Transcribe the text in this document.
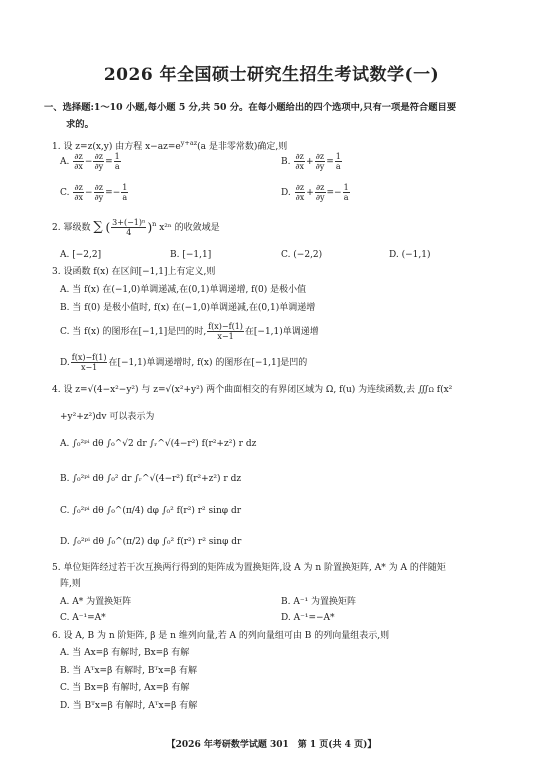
2026 年全国硕士研究生招生考试数学(一)
一、选择题:1～10 小题,每小题 5 分,共 50 分。在每小题给出的四个选项中,只有一项是符合题目要
求的。
1. 设 z=z(x,y) 由方程 $x-az=e^{y+az}(a$ 是非零常数)确定,则
A. $\frac{\partial z}{\partial x} - \frac{\partial z}{\partial y} = \frac{1}{a}$	B. $\frac{\partial z}{\partial x} + \frac{\partial z}{\partial y} = \frac{1}{a}$
C. $\frac{\partial z}{\partial x} - \frac{\partial z}{\partial y} =- \frac{1}{a}$	D. $\frac{\partial z}{\partial x} + \frac{\partial z}{\partial y} =- \frac{1}{a}$
2. 幂级数 ∑ ( $\frac{\text{3+(−1)ⁿ}}{4} )^n$ x²ⁿ 的收敛域是
A. [−2,2]	B. [−1,1]	C. (−2,2)	D. (−1,1)
3. 设函数 f(x) 在区间[−1,1]上有定义,则
A. 当 f(x) 在(−1,0)单调递减,在(0,1)单调递增, f(0) 是极小值
B. 当 f(0) 是极小值时, f(x) 在(−1,0)单调递减,在(0,1)单调递增
C. 当 f(x) 的图形在[−1,1]是凹的时, $\frac{f(x)-f(1)}{x-1}$ 在[−1,1)单调递增
D. $\frac{f(x)-f(1)}{x-1}$ 在[−1,1)单调递增时, f(x) 的图形在[−1,1]是凹的
4. 设 z=√(4−x²−y²) 与 z=√(x²+y²) 两个曲面相交的有界闭区域为 Ω, f(u) 为连续函数,去 ∭Ω f(x²
+y²+z²)dv 可以表示为
A. ∫₀²ᵖⁱ dθ ∫₀^√2 dr ∫ᵣ^√(4−r²) f(r²+z²) r dz
B. ∫₀²ᵖⁱ dθ ∫₀² dr ∫ᵣ^√(4−r²) f(r²+z²) r dz
C. ∫₀²ᵖⁱ dθ ∫₀^(π/4) dφ ∫₀² f(r²) r² sinφ dr
D. ∫₀²ᵖⁱ dθ ∫₀^(π/2) dφ ∫₀² f(r²) r² sinφ dr
5. 单位矩阵经过若干次互换两行得到的矩阵成为置换矩阵,设 A 为 n 阶置换矩阵, A* 为 A 的伴随矩
阵,则
A. A* 为置换矩阵	B. A⁻¹ 为置换矩阵
C. A⁻¹=A*	D. A⁻¹=−A*
6. 设 A, B 为 n 阶矩阵, β 是 n 维列向量,若 A 的列向量组可由 B 的列向量组表示,则
A. 当 Ax=β 有解时, Bx=β 有解
B. 当 Aᵀx=β 有解时, Bᵀx=β 有解
C. 当 Bx=β 有解时, Ax=β 有解
D. 当 Bᵀx=β 有解时, Aᵀx=β 有解
【2026 年考研数学试题 301　第 1 页(共 4 页)】
